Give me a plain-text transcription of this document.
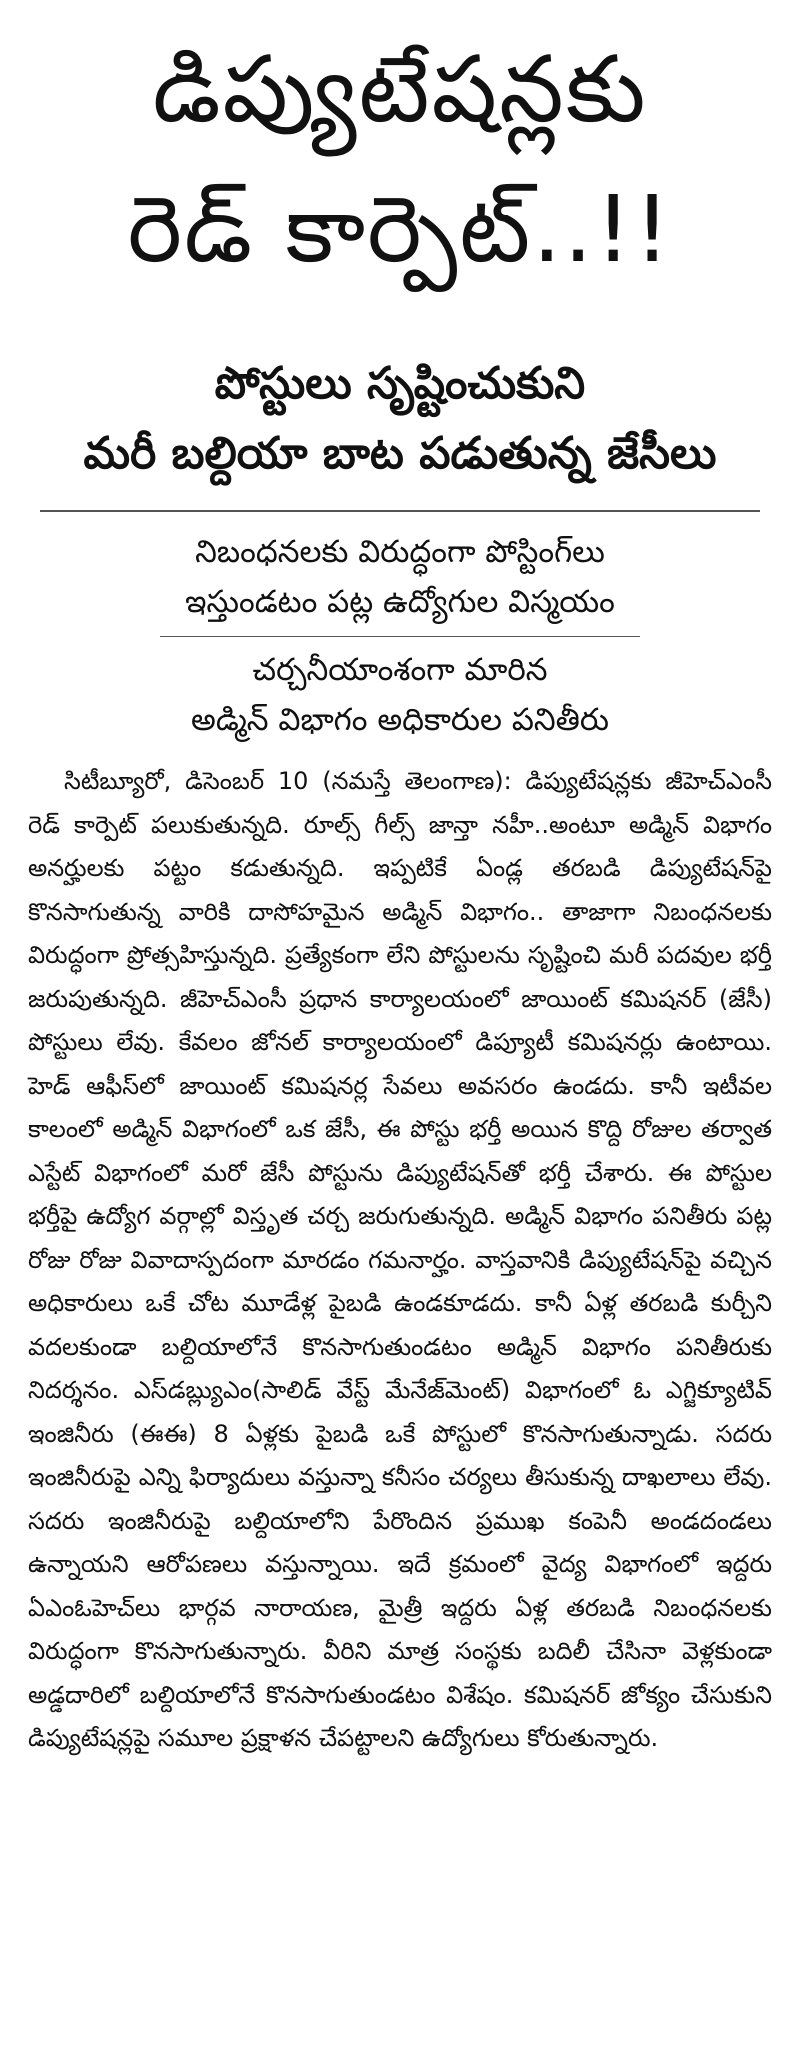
డిప్యుటేషన్లకు
రెడ్ కార్పెట్..!!
పోస్టులు సృష్టించుకుని
మరీ బల్దియా బాట పడుతున్న జేసీలు
నిబంధనలకు విరుద్ధంగా పోస్టింగ్‌లు
ఇస్తుండటం పట్ల ఉద్యోగుల విస్మయం
చర్చనీయాంశంగా మారిన
అడ్మిన్ విభాగం అధికారుల పనితీరు
సిటీబ్యూరో, డిసెంబర్ 10 (నమస్తే తెలంగాణ): డిప్యుటేషన్లకు జీహెచ్‌ఎంసీ రెడ్ కార్పెట్ పలుకుతున్నది. రూల్స్ గీల్స్ జాన్తా నహీ..అంటూ అడ్మిన్ విభాగం అనర్హులకు పట్టం కడుతున్నది. ఇప్పటికే ఏండ్ల తరబడి డిప్యుటేషన్‌పై కొనసాగుతున్న వారికి దాసోహమైన అడ్మిన్ విభాగం.. తాజాగా నిబంధనలకు విరుద్ధంగా ప్రోత్సహిస్తున్నది. ప్రత్యేకంగా లేని పోస్టులను సృష్టించి మరీ పదవుల భర్తీ జరుపుతున్నది. జీహెచ్‌ఎంసీ ప్రధాన కార్యాలయంలో జాయింట్ కమిషనర్ (జేసీ) పోస్టులు లేవు. కేవలం జోనల్ కార్యాలయంలో డిప్యూటీ కమిషనర్లు ఉంటాయి. హెడ్ ఆఫీస్‌లో జాయింట్ కమిషనర్ల సేవలు అవసరం ఉండదు. కానీ ఇటీవల కాలంలో అడ్మిన్ విభాగంలో ఒక జేసీ, ఈ పోస్టు భర్తీ అయిన కొద్ది రోజుల తర్వాత ఎస్టేట్ విభాగంలో మరో జేసీ పోస్టును డిప్యుటేషన్‌తో భర్తీ చేశారు. ఈ పోస్టుల భర్తీపై ఉద్యోగ వర్గాల్లో విస్తృత చర్చ జరుగుతున్నది. అడ్మిన్ విభాగం పనితీరు పట్ల రోజు రోజు వివాదాస్పదంగా మారడం గమనార్హం. వాస్తవానికి డిప్యుటేషన్‌పై వచ్చిన అధికారులు ఒకే చోట మూడేళ్ల పైబడి ఉండకూడదు. కానీ ఏళ్ల తరబడి కుర్చీని వదలకుండా బల్దియాలోనే కొనసాగుతుండటం అడ్మిన్ విభాగం పనితీరుకు నిదర్శనం. ఎస్‌డబ్ల్యుఎం(సాలిడ్ వేస్ట్ మేనేజ్‌మెంట్) విభాగంలో ఓ ఎగ్జిక్యూటివ్ ఇంజినీరు (ఈఈ) 8 ఏళ్లకు పైబడి ఒకే పోస్టులో కొనసాగుతున్నాడు. సదరు ఇంజినీరుపై ఎన్ని ఫిర్యాదులు వస్తున్నా కనీసం చర్యలు తీసుకున్న దాఖలాలు లేవు. సదరు ఇంజినీరుపై బల్దియాలోని పేరొందిన ప్రముఖ కంపెనీ అండదండలు ఉన్నాయని ఆరోపణలు వస్తున్నాయి. ఇదే క్రమంలో వైద్య విభాగంలో ఇద్దరు ఏఎంఓహెచ్‌లు భార్గవ నారాయణ, మైత్రీ ఇద్దరు ఏళ్ల తరబడి నిబంధనలకు విరుద్ధంగా కొనసాగుతున్నారు. వీరిని మాత్ర సంస్థకు బదిలీ చేసినా వెళ్లకుండా అడ్డదారిలో బల్దియాలోనే కొనసాగుతుండటం విశేషం. కమిషనర్ జోక్యం చేసుకుని డిప్యుటేషన్లపై సమూల ప్రక్షాళన చేపట్టాలని ఉద్యోగులు కోరుతున్నారు.
